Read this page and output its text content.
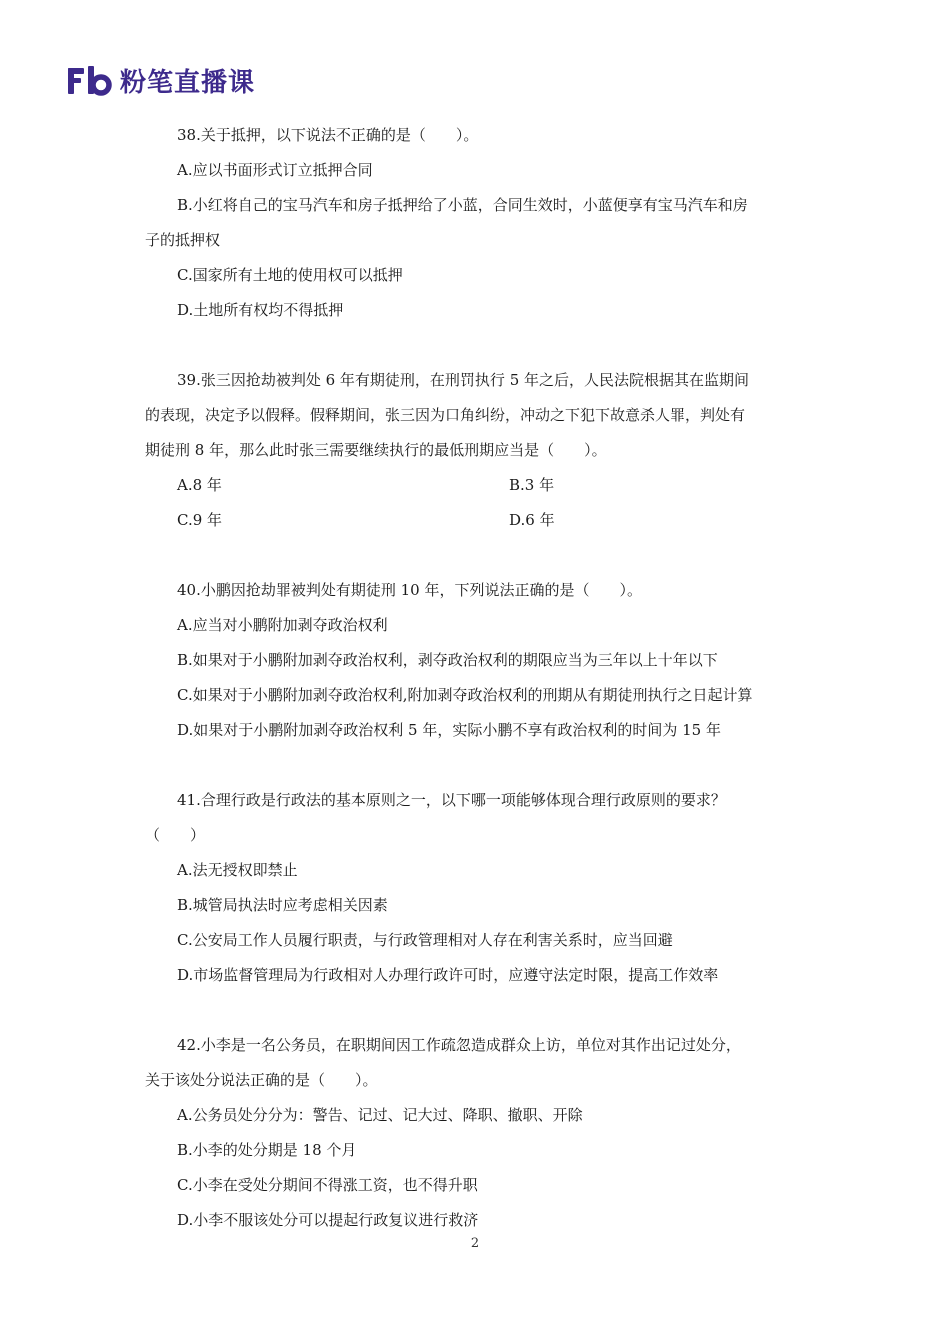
粉笔直播课
38.关于抵押，以下说法不正确的是（　　）。
A.应以书面形式订立抵押合同
B.小红将自己的宝马汽车和房子抵押给了小蓝，合同生效时，小蓝便享有宝马汽车和房
子的抵押权
C.国家所有土地的使用权可以抵押
D.土地所有权均不得抵押
39.张三因抢劫被判处 6 年有期徒刑，在刑罚执行 5 年之后，人民法院根据其在监期间
的表现，决定予以假释。假释期间，张三因为口角纠纷，冲动之下犯下故意杀人罪，判处有
期徒刑 8 年，那么此时张三需要继续执行的最低刑期应当是（　　）。
A.8 年	B.3 年
C.9 年	D.6 年
40.小鹏因抢劫罪被判处有期徒刑 10 年，下列说法正确的是（　　）。
A.应当对小鹏附加剥夺政治权利
B.如果对于小鹏附加剥夺政治权利，剥夺政治权利的期限应当为三年以上十年以下
C.如果对于小鹏附加剥夺政治权利,附加剥夺政治权利的刑期从有期徒刑执行之日起计算
D.如果对于小鹏附加剥夺政治权利 5 年，实际小鹏不享有政治权利的时间为 15 年
41.合理行政是行政法的基本原则之一，以下哪一项能够体现合理行政原则的要求？
（　　）
A.法无授权即禁止
B.城管局执法时应考虑相关因素
C.公安局工作人员履行职责，与行政管理相对人存在利害关系时，应当回避
D.市场监督管理局为行政相对人办理行政许可时，应遵守法定时限，提高工作效率
42.小李是一名公务员，在职期间因工作疏忽造成群众上访，单位对其作出记过处分，
关于该处分说法正确的是（　　）。
A.公务员处分分为：警告、记过、记大过、降职、撤职、开除
B.小李的处分期是 18 个月
C.小李在受处分期间不得涨工资，也不得升职
D.小李不服该处分可以提起行政复议进行救济
2
